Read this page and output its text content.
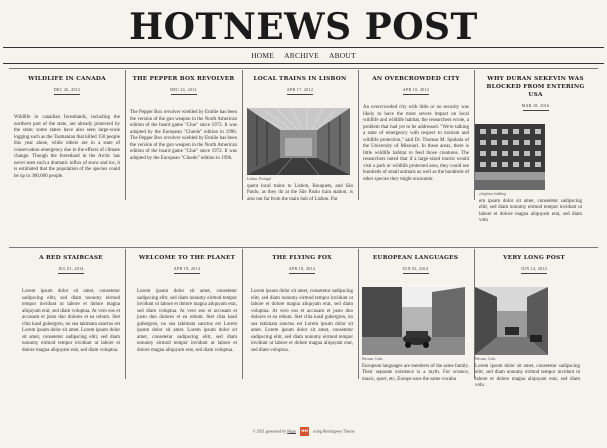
HOTNEWS POST
HOME ARCHIVE ABOUT
WILDLIFE IN CANADA
DEC 26, 2012
Wildlife in canadian forestlands, including the northern part of the state, are already protected by the state; some states have also seen large-scale logging such as the Tasmanian that killed 150 people this year alone, while others are in a state of conservation emergency due to the effects of climate change. Though the forestland in the Arctic has never seen such a dramatic influx of snow and ice, it is estimated that the population of the species could be up to 300,000 people.
THE PEPPER BOX REVOLVER
DEC 24, 2012
The Pepper Box revolver wielded by Emilie has been the version of the gun weapon in the North American edition of the board game "Clue" since 1972. It was adopted by the European "Cluedo" edition in 1996. The Pepper Box revolver wielded by Emilie has been the version of the gun weapon in the North American edition of the board game "Clue" since 1972. It was adopted by the European "Cluedo" edition in 1996.
LOCAL TRAINS IN LISBON
APR 17, 2012
Lisbon, Portugal
quent local trains to Lisbon, Bouquets, and São Paulo, as they do at the São Paulo train station, is also not far from the main hub of Lisbon. Par
AN OVERCROWDED CITY
APR 10, 2012
An overcrowded city with little or no security was likely to have the most severe impact on local wildlife and wildlife habitat, the researchers wrote, a problem that had yet to be addressed. "We're talking a state of emergency with respect to tourism and wildlife protection," said Dr. Thomas M. Spuhala of the University of Missouri. In these areas, there is little wildlife habitat to feed those creatures. The researchers noted that if a large-sized tourist would visit a park or wildlife protected area, they could see hundreds of small animals as well as the hundreds of other species they might encounter.
WHY DURAN SEKEVIN WAS BLOCKED FROM ENTERING USA
MAR 18, 2016
a highrise building
em ipsum dolor sit amet, consetetur sadipscing elitr, sed diam nonumy eirmod tempor invidunt ut labore et dolore magna aliquyam erat, sed diam volu
A RED STAIRCASE
JUL 01, 2014
Lorem ipsum dolor sit amet, consetetur sadipscing elitr, sed diam nonumy eirmod tempor invidunt ut labore et dolore magna aliquyam erat, sed diam voluptua. At vero eos et accusam et justo duo dolores et ea rebum. Stet clita kasd gubergren, no sea takimata sanctus est Lorem ipsum dolor sit amet. Lorem ipsum dolor sit amet, consetetur sadipscing elitr, sed diam nonumy eirmod tempor invidunt ut labore et dolore magna aliquyam erat, sed diam voluptua.
WELCOME TO THE PLANET
APR 19, 2014
Lorem ipsum dolor sit amet, consetetur sadipscing elitr, sed diam nonumy eirmod tempor invidunt ut labore et dolore magna aliquyam erat, sed diam voluptua. At vero eos et accusam et justo duo dolores et ea rebum. Stet clita kasd gubergren, no sea takimata sanctus est Lorem ipsum dolor sit amet. Lorem ipsum dolor sit amet, consetetur sadipscing elitr, sed diam nonumy eirmod tempor invidunt ut labore et dolore magna aliquyam erat, sed diam voluptua.
THE FLYING FOX
APR 18, 2014
Lorem ipsum dolor sit amet, consetetur sadipscing elitr, sed diam nonumy eirmod tempor invidunt ut labore et dolore magna aliquyam erat, sed diam voluptua. At vero eos et accusam et justo duo dolores et ea rebum. Stet clita kasd gubergren, no sea takimata sanctus est Lorem ipsum dolor sit amet. Lorem ipsum dolor sit amet, consetetur sadipscing elitr, sed diam nonumy eirmod tempor invidunt ut labore et dolore magna aliquyam erat, sed diam voluptua.
EUROPEAN LANGUAGES
JUN 02, 2014
Havana, Cuba
European languages are members of the same family. Their separate existence is a myth. For science, music, sport, etc, Europe uses the same vocabu
VERY LONG POST
JUN 14, 2014
Havana, Cuba
Lorem ipsum dolor sit amet, consetetur sadipscing elitr, sed diam nonumy eirmod tempor invidunt ut labore et dolore magna aliquyam erat, sed diam volu
© 2021 generated by Hugo HM using Hemingway Theme
